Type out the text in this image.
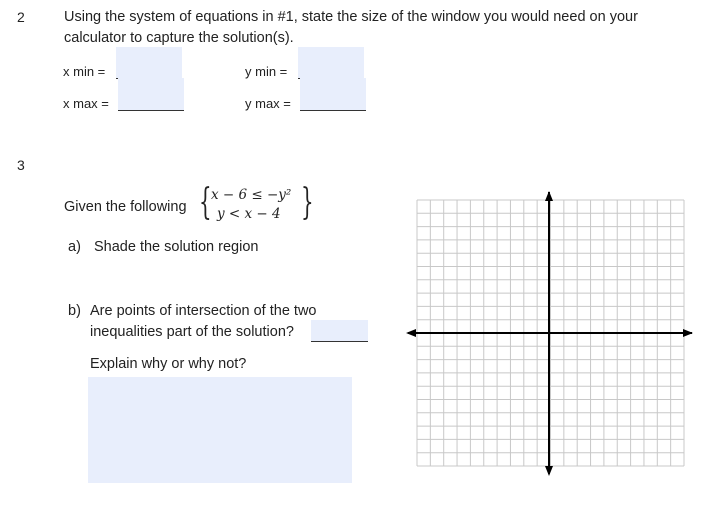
2	Using the system of equations in #1, state the size of the window you would need on your
calculator to capture the solution(s).
x min =
x max =
y min =
y max =
3
Given the following { x − 6 ≤ −y²
y < x − 4 }
a) Shade the solution region
b) Are points of intersection of the two
inequalities part of the solution?
Explain why or why not?
